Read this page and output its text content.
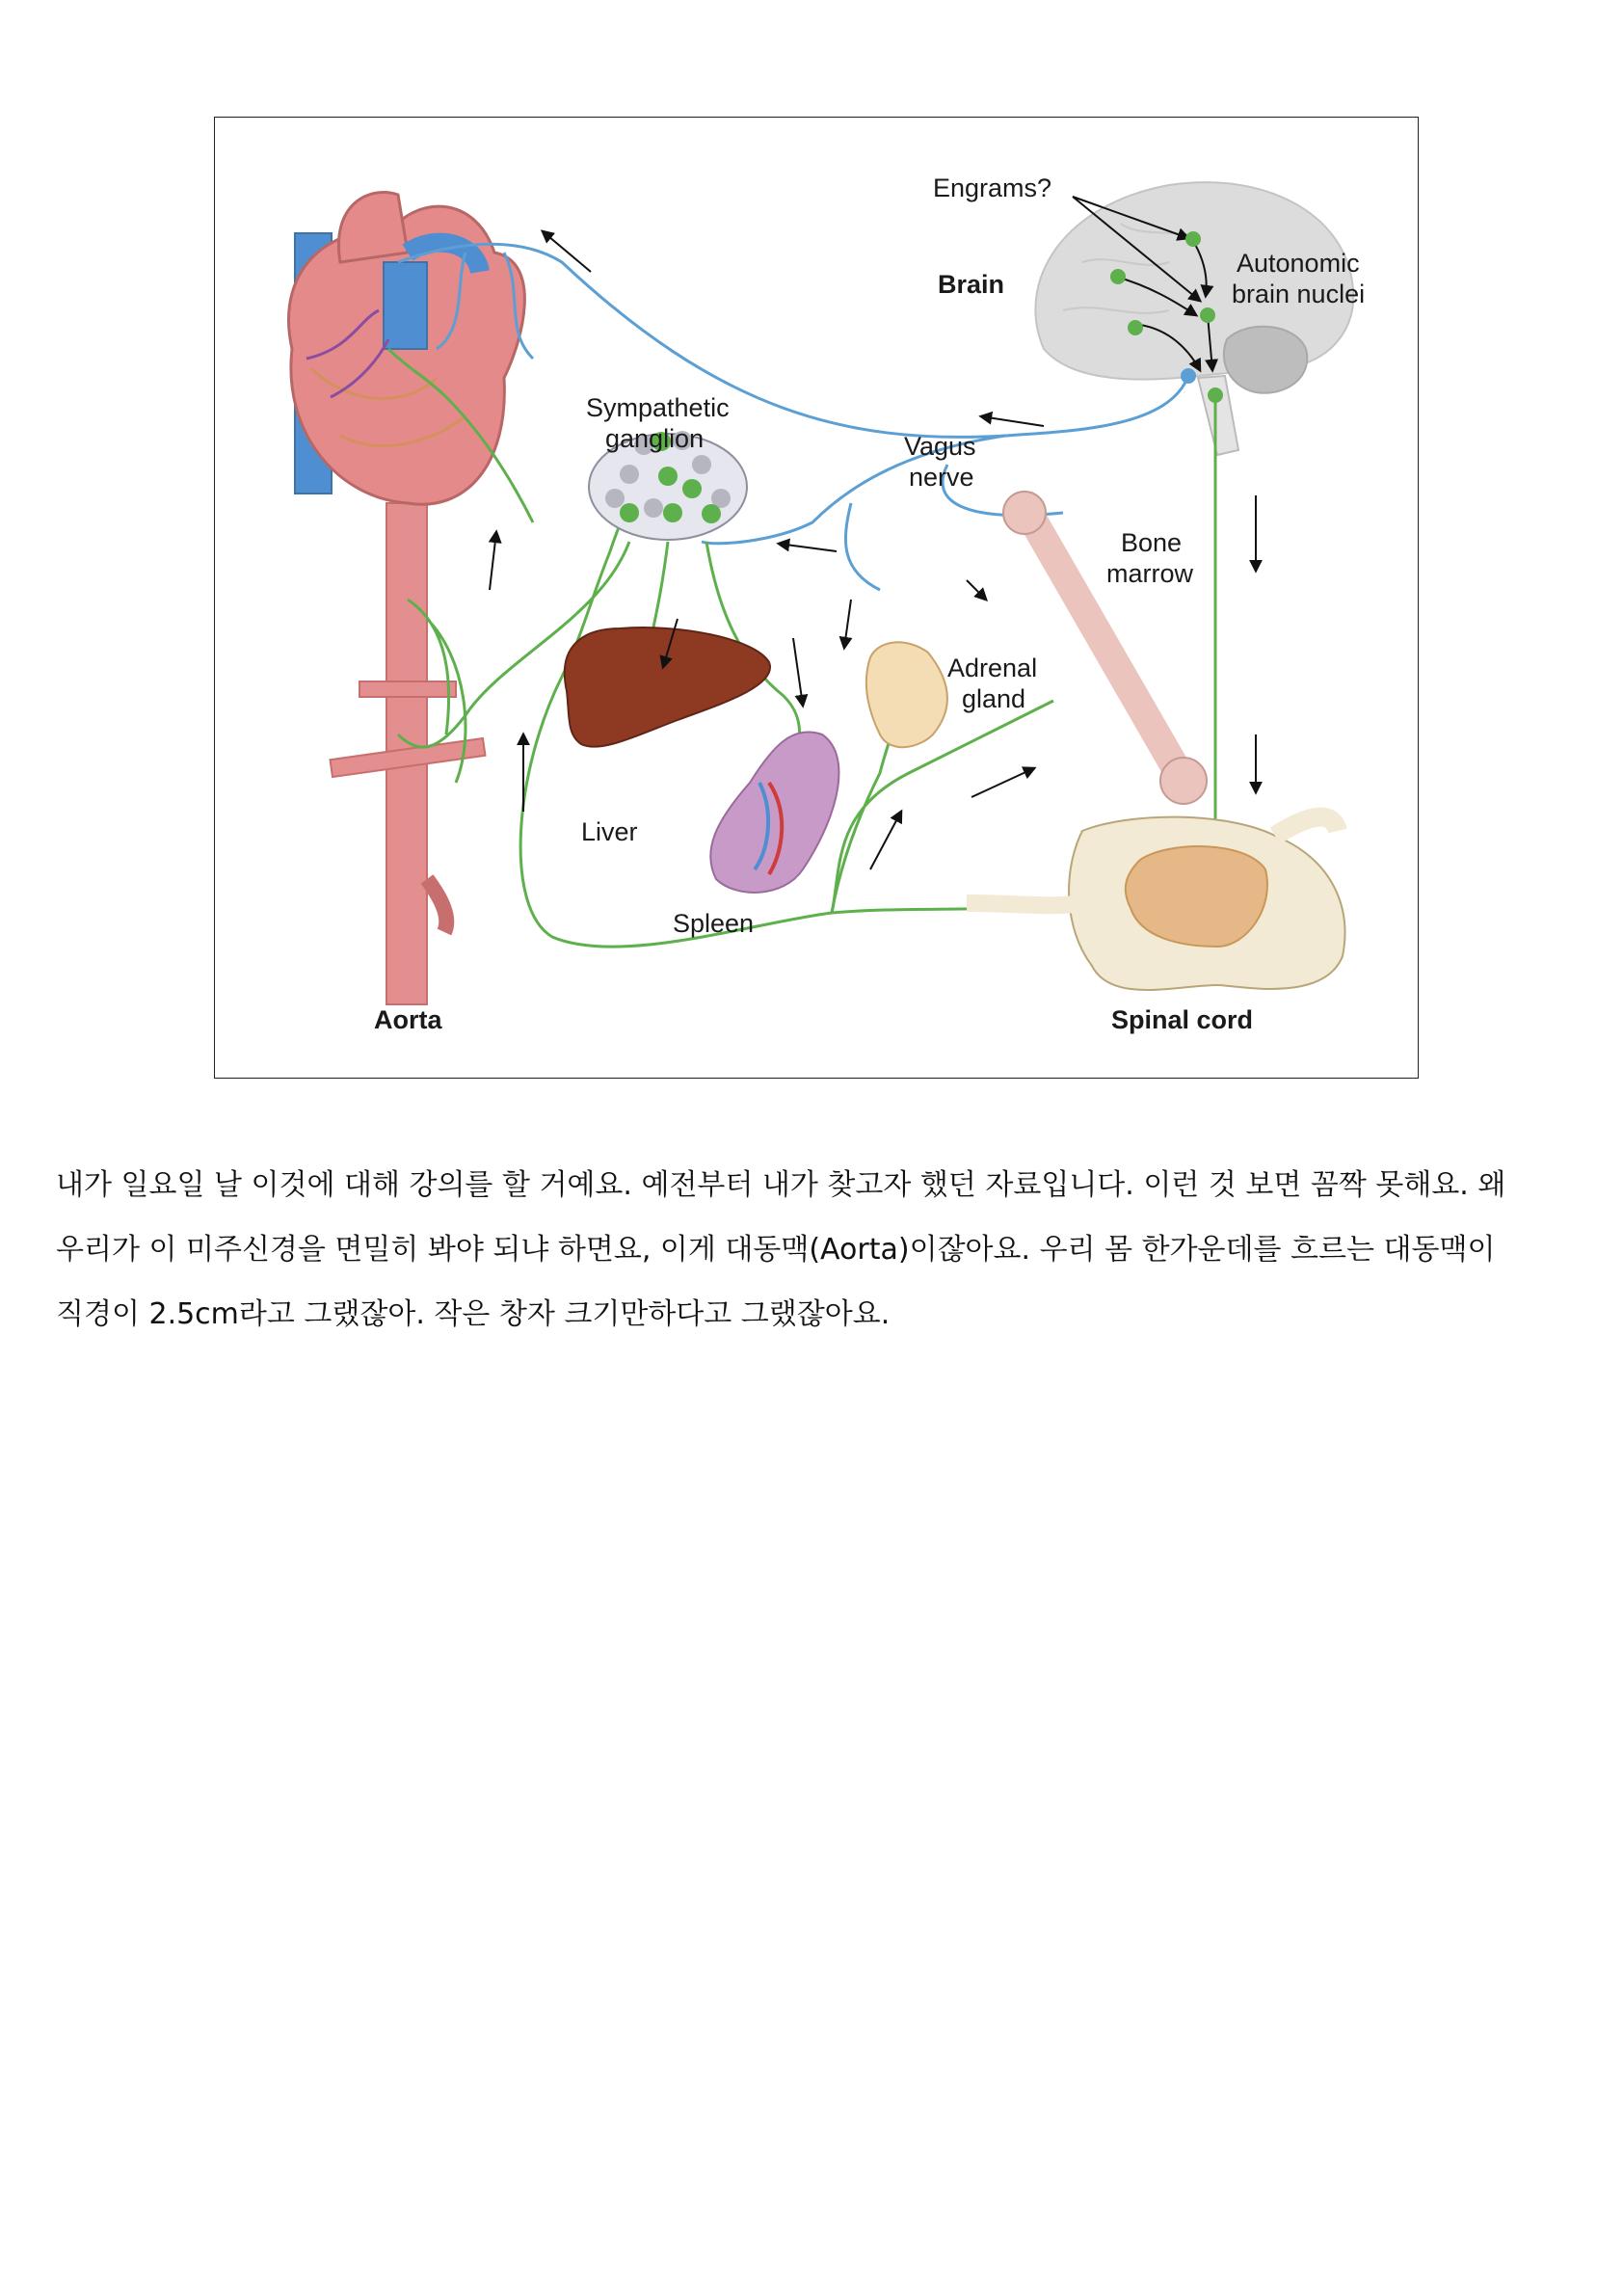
Engrams?
Brain
Autonomic
brain nuclei
Sympathetic
ganglion	Vagus
nerve
Bone
marrow
Adrenal
gland
Liver
Spleen
Aorta	Spinal cord

내가 일요일 날 이것에 대해 강의를 할 거예요. 예전부터 내가 찾고자 했던 자료입니다. 이런 것 보면 꼼짝 못해요. 왜 우리가 이 미주신경을 면밀히 봐야 되냐 하면요, 이게 대동맥(Aorta)이잖아요. 우리 몸 한가운데를 흐르는 대동맥이 직경이 2.5cm라고 그랬잖아. 작은 창자 크기만하다고 그랬잖아요.
